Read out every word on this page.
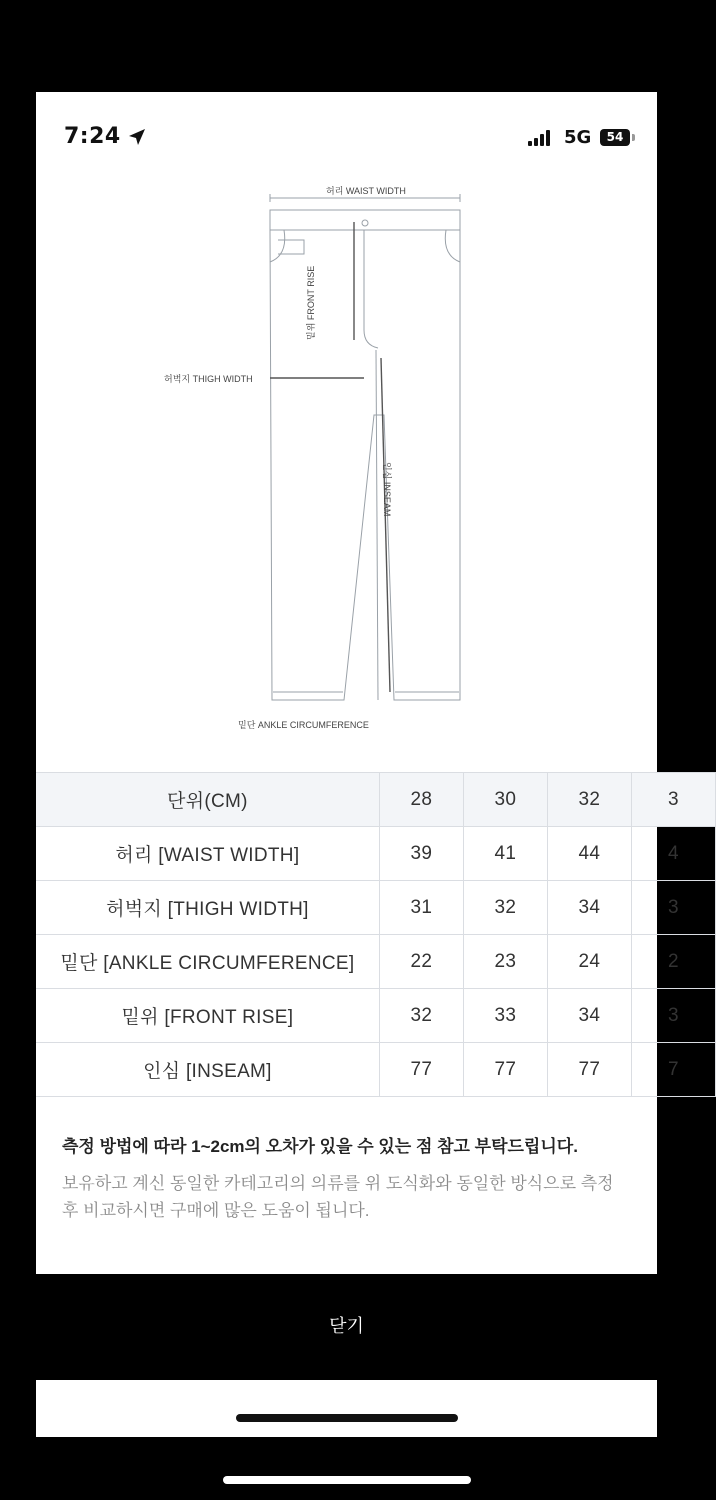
7:24	5G	54
허리 WAIST WIDTH
밑위 FRONT RISE
허벅지 THIGH WIDTH
인심 INSEAM
밑단 ANKLE CIRCUMFERENCE
단위(CM)	28	30	32	3
허리 [WAIST WIDTH]	39	41	44	4
허벅지 [THIGH WIDTH]	31	32	34	3
밑단 [ANKLE CIRCUMFERENCE]	22	23	24	2
밑위 [FRONT RISE]	32	33	34	3
인심 [INSEAM]	77	77	77	7
측정 방법에 따라 1~2cm의 오차가 있을 수 있는 점 참고 부탁드립니다.
보유하고 계신 동일한 카테고리의 의류를 위 도식화와 동일한 방식으로 측정 후 비교하시면 구매에 많은 도움이 됩니다.
닫기
